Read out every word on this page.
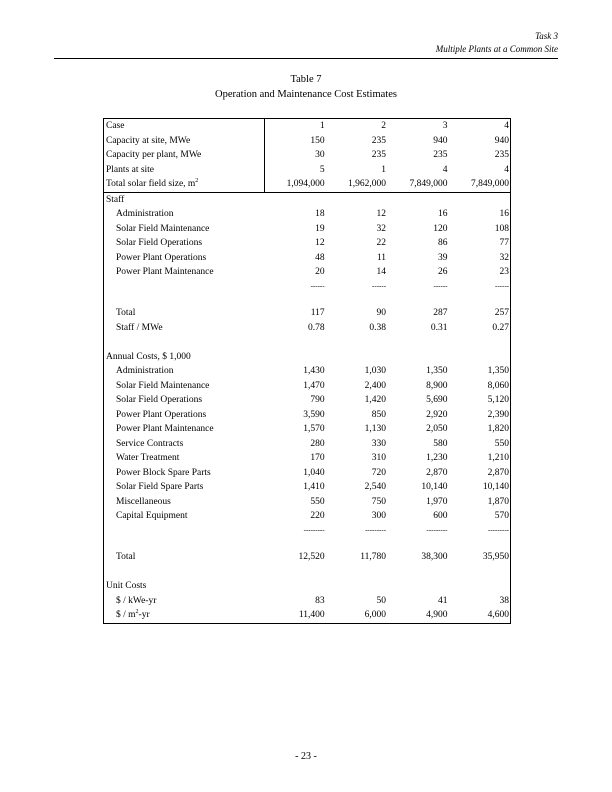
Task 3
Multiple Plants at a Common Site
Table 7
Operation and Maintenance Cost Estimates
Case	1	2	3	4
Capacity at site, MWe	150	235	940	940
Capacity per plant, MWe	30	235	235	235
Plants at site	5	1	4	4
Total solar field size, $m^2$	1,094,000	1,962,000	7,849,000	7,849,000
Staff				
Administration	18	12	16	16
Solar Field Maintenance	19	32	120	108
Solar Field Operations	12	22	86	77
Power Plant Operations	48	11	39	32
Power Plant Maintenance	20	14	26	23
	------	------	------	------

Total	117	90	287	257
Staff / MWe	0.78	0.38	0.31	0.27

Annual Costs, $ 1,000				
Administration	1,430	1,030	1,350	1,350
Solar Field Maintenance	1,470	2,400	8,900	8,060
Solar Field Operations	790	1,420	5,690	5,120
Power Plant Operations	3,590	850	2,920	2,390
Power Plant Maintenance	1,570	1,130	2,050	1,820
Service Contracts	280	330	580	550
Water Treatment	170	310	1,230	1,210
Power Block Spare Parts	1,040	720	2,870	2,870
Solar Field Spare Parts	1,410	2,540	10,140	10,140
Miscellaneous	550	750	1,970	1,870
Capital Equipment	220	300	600	570
	---------	---------	---------	---------

Total	12,520	11,780	38,300	35,950

Unit Costs				
$ / kWe-yr	83	50	41	38
$ / $m^2-yr$	11,400	6,000	4,900	4,600
- 23 -
